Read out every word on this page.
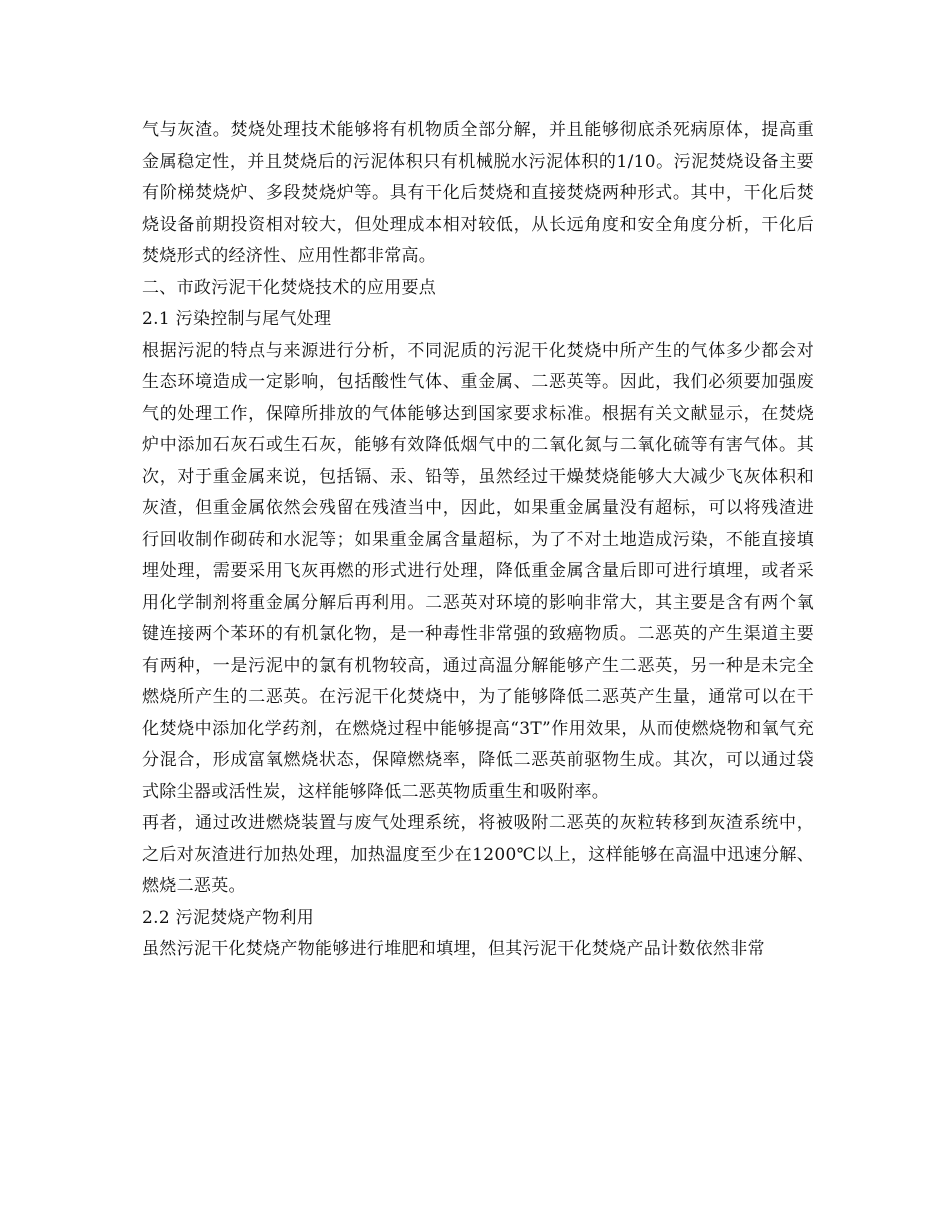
气与灰渣。焚烧处理技术能够将有机物质全部分解，并且能够彻底杀死病原体，提高重金属稳定性，并且焚烧后的污泥体积只有机械脱水污泥体积的1/10。污泥焚烧设备主要有阶梯焚烧炉、多段焚烧炉等。具有干化后焚烧和直接焚烧两种形式。其中，干化后焚烧设备前期投资相对较大，但处理成本相对较低，从长远角度和安全角度分析，干化后焚烧形式的经济性、应用性都非常高。

二、市政污泥干化焚烧技术的应用要点

2.1 污染控制与尾气处理

根据污泥的特点与来源进行分析，不同泥质的污泥干化焚烧中所产生的气体多少都会对生态环境造成一定影响，包括酸性气体、重金属、二恶英等。因此，我们必须要加强废气的处理工作，保障所排放的气体能够达到国家要求标准。根据有关文献显示，在焚烧炉中添加石灰石或生石灰，能够有效降低烟气中的二氧化氮与二氧化硫等有害气体。其次，对于重金属来说，包括镉、汞、铅等，虽然经过干燥焚烧能够大大减少飞灰体积和灰渣，但重金属依然会残留在残渣当中，因此，如果重金属量没有超标，可以将残渣进行回收制作砌砖和水泥等；如果重金属含量超标，为了不对土地造成污染，不能直接填埋处理，需要采用飞灰再燃的形式进行处理，降低重金属含量后即可进行填埋，或者采用化学制剂将重金属分解后再利用。二恶英对环境的影响非常大，其主要是含有两个氧键连接两个苯环的有机氯化物，是一种毒性非常强的致癌物质。二恶英的产生渠道主要有两种，一是污泥中的氯有机物较高，通过高温分解能够产生二恶英，另一种是未完全燃烧所产生的二恶英。在污泥干化焚烧中，为了能够降低二恶英产生量，通常可以在干化焚烧中添加化学药剂，在燃烧过程中能够提高“3T”作用效果，从而使燃烧物和氧气充分混合，形成富氧燃烧状态，保障燃烧率，降低二恶英前驱物生成。其次，可以通过袋式除尘器或活性炭，这样能够降低二恶英物质重生和吸附率。

再者，通过改进燃烧装置与废气处理系统，将被吸附二恶英的灰粒转移到灰渣系统中，之后对灰渣进行加热处理，加热温度至少在1200℃以上，这样能够在高温中迅速分解、燃烧二恶英。

2.2 污泥焚烧产物利用

虽然污泥干化焚烧产物能够进行堆肥和填埋，但其污泥干化焚烧产品计数依然非常
